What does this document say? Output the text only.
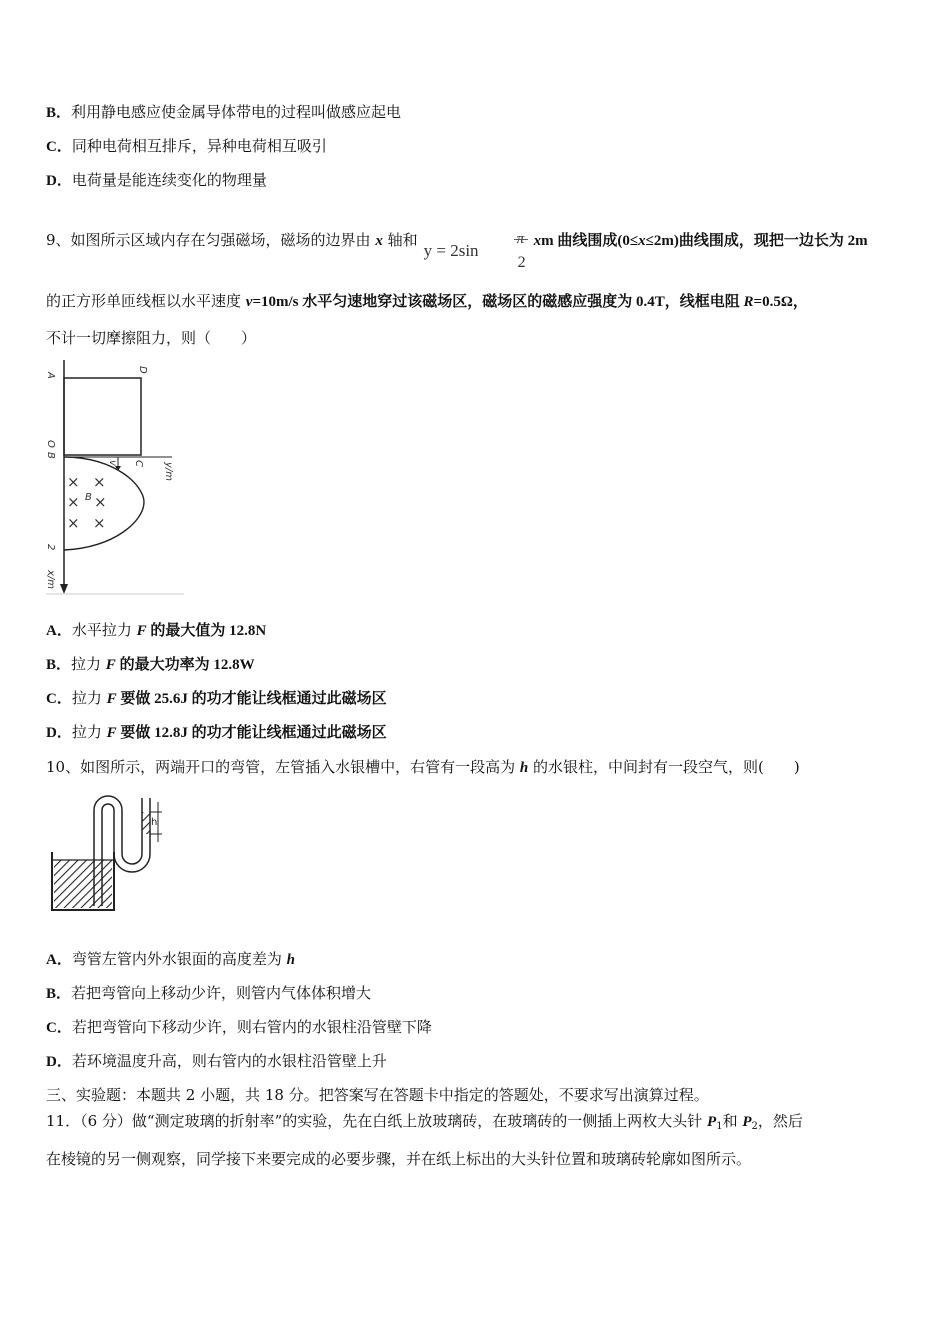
B．利用静电感应使金属导体带电的过程叫做感应起电
C．同种电荷相互排斥，异种电荷相互吸引
D．电荷量是能连续变化的物理量
9、如图所示区域内存在匀强磁场，磁场的边界由 x 轴和
y = 2sin
π
2
xm 曲线围成(0≤x≤2m)曲线围成，现把一边长为 2m
的正方形单匝线框以水平速度 v=10m/s 水平匀速地穿过该磁场区，磁场区的磁感应强度为 0.4T，线框电阻 R=0.5Ω，
不计一切摩擦阻力，则（　　）
A
D
O
B
C
v	y/m
2
x/m
B
× ×
× ×
× ×
A．水平拉力 F 的最大值为 12.8N
B．拉力 F 的最大功率为 12.8W
C．拉力 F 要做 25.6J 的功才能让线框通过此磁场区
D．拉力 F 要做 12.8J 的功才能让线框通过此磁场区
10、如图所示，两端开口的弯管，左管插入水银槽中，右管有一段高为 h 的水银柱，中间封有一段空气，则(　　)
h
A．弯管左管内外水银面的高度差为 h
B．若把弯管向上移动少许，则管内气体体积增大
C．若把弯管向下移动少许，则右管内的水银柱沿管壁下降
D．若环境温度升高，则右管内的水银柱沿管壁上升
三、实验题：本题共 2 小题，共 18 分。把答案写在答题卡中指定的答题处，不要求写出演算过程。
11．（6 分）做“测定玻璃的折射率”的实验，先在白纸上放玻璃砖，在玻璃砖的一侧插上两枚大头针 $P_1$和 $P_2$，然后
在棱镜的另一侧观察，同学接下来要完成的必要步骤，并在纸上标出的大头针位置和玻璃砖轮廓如图所示。
